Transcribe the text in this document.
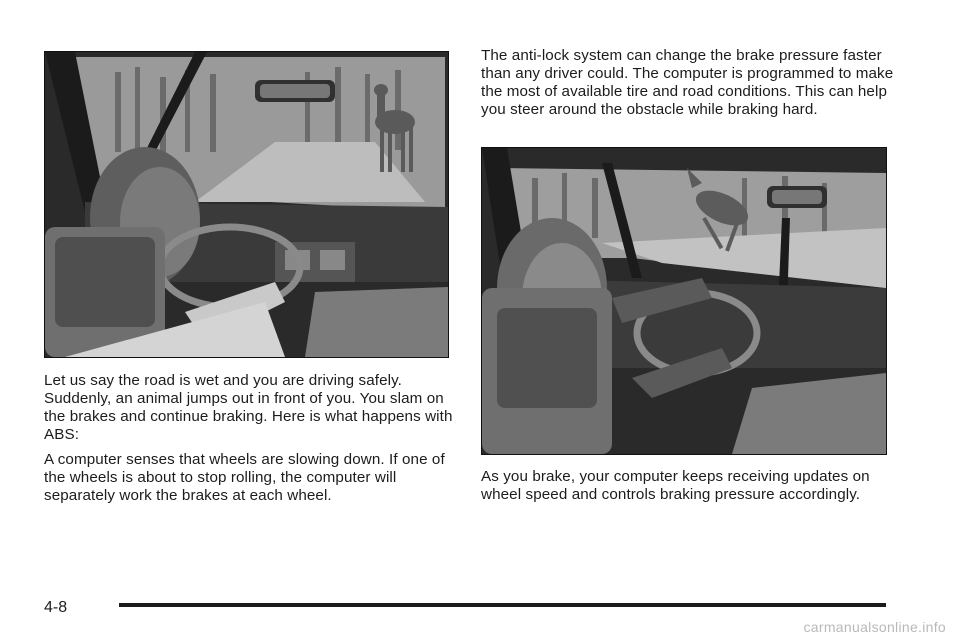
Let us say the road is wet and you are driving safely. Suddenly, an animal jumps out in front of you. You slam on the brakes and continue braking. Here is what happens with ABS:

A computer senses that wheels are slowing down. If one of the wheels is about to stop rolling, the computer will separately work the brakes at each wheel.

The anti-lock system can change the brake pressure faster than any driver could. The computer is programmed to make the most of available tire and road conditions. This can help you steer around the obstacle while braking hard.

As you brake, your computer keeps receiving updates on wheel speed and controls braking pressure accordingly.

4-8
carmanualsonline.info
